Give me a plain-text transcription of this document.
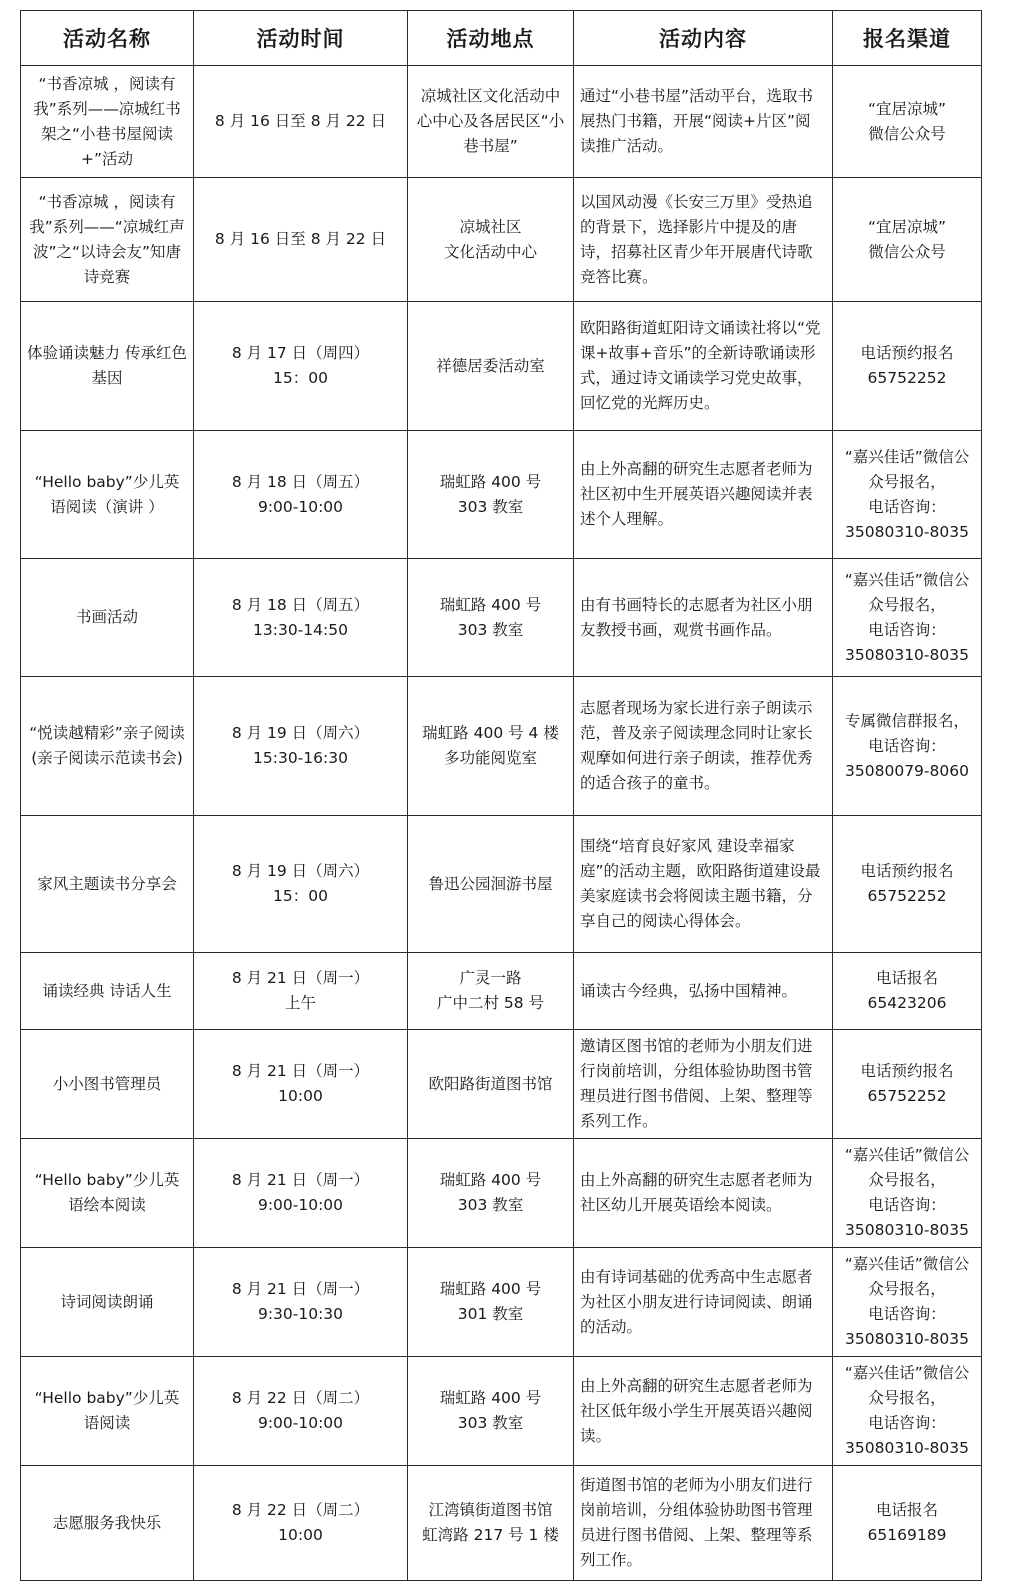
活动名称	活动时间	活动地点	活动内容	报名渠道
“书香凉城 ，阅读有我”系列——凉城红书架之“小巷书屋阅读+”活动	8 月 16 日至 8 月 22 日	凉城社区文化活动中心中心及各居民区“小巷书屋”	通过“小巷书屋”活动平台，选取书展热门书籍，开展“阅读+片区”阅读推广活动。	“宜居凉城”
微信公众号

“书香凉城 ，阅读有我”系列——“凉城红声波”之“以诗会友”知唐诗竞赛	8 月 16 日至 8 月 22 日	凉城社区
文化活动中心	以国风动漫《长安三万里》受热追的背景下，选择影片中提及的唐诗，招募社区青少年开展唐代诗歌竞答比赛。	“宜居凉城”
微信公众号

体验诵读魅力 传承红色基因	8 月 17 日（周四）
15：00	祥德居委活动室	欧阳路街道虹阳诗文诵读社将以“党课+故事+音乐”的全新诗歌诵读形式，通过诗文诵读学习党史故事，回忆党的光辉历史。	电话预约报名
65752252

“Hello baby”少儿英语阅读（演讲 ）	8 月 18 日（周五）
9:00-10:00	瑞虹路 400 号
303 教室	由上外高翻的研究生志愿者老师为社区初中生开展英语兴趣阅读并表述个人理解。	“嘉兴佳话”微信公众号报名，
电话咨询：
35080310-8035

书画活动	8 月 18 日（周五）
13:30-14:50	瑞虹路 400 号
303 教室	由有书画特长的志愿者为社区小朋友教授书画，观赏书画作品。	“嘉兴佳话”微信公众号报名，
电话咨询：
35080310-8035

“悦读越精彩”亲子阅读(亲子阅读示范读书会)	8 月 19 日（周六）
15:30-16:30	瑞虹路 400 号 4 楼
多功能阅览室	志愿者现场为家长进行亲子朗读示范，普及亲子阅读理念同时让家长观摩如何进行亲子朗读，推荐优秀的适合孩子的童书。	专属微信群报名，电话咨询：
35080079-8060

家风主题读书分享会	8 月 19 日（周六）
15：00	鲁迅公园洄游书屋	围绕“培育良好家风 建设幸福家庭”的活动主题，欧阳路街道建设最美家庭读书会将阅读主题书籍，分享自己的阅读心得体会。	电话预约报名
65752252

诵读经典 诗话人生	8 月 21 日（周一）
上午	广灵一路
广中二村 58 号	诵读古今经典，弘扬中国精神。	电话报名
65423206

小小图书管理员	8 月 21 日（周一）
10:00	欧阳路街道图书馆	邀请区图书馆的老师为小朋友们进行岗前培训，分组体验协助图书管理员进行图书借阅、上架、整理等系列工作。	电话预约报名
65752252

“Hello baby”少儿英语绘本阅读	8 月 21 日（周一）
9:00-10:00	瑞虹路 400 号
303 教室	由上外高翻的研究生志愿者老师为社区幼儿开展英语绘本阅读。	“嘉兴佳话”微信公众号报名，
电话咨询：
35080310-8035

诗词阅读朗诵	8 月 21 日（周一）
9:30-10:30	瑞虹路 400 号
301 教室	由有诗词基础的优秀高中生志愿者为社区小朋友进行诗词阅读、朗诵的活动。	“嘉兴佳话”微信公众号报名，
电话咨询：
35080310-8035

“Hello baby”少儿英语阅读	8 月 22 日（周二）
9:00-10:00	瑞虹路 400 号
303 教室	由上外高翻的研究生志愿者老师为社区低年级小学生开展英语兴趣阅读。	“嘉兴佳话”微信公众号报名，
电话咨询：
35080310-8035

志愿服务我快乐	8 月 22 日（周二）
10:00	江湾镇街道图书馆
虹湾路 217 号 1 楼	街道图书馆的老师为小朋友们进行岗前培训，分组体验协助图书管理员进行图书借阅、上架、整理等系列工作。	电话报名
65169189
